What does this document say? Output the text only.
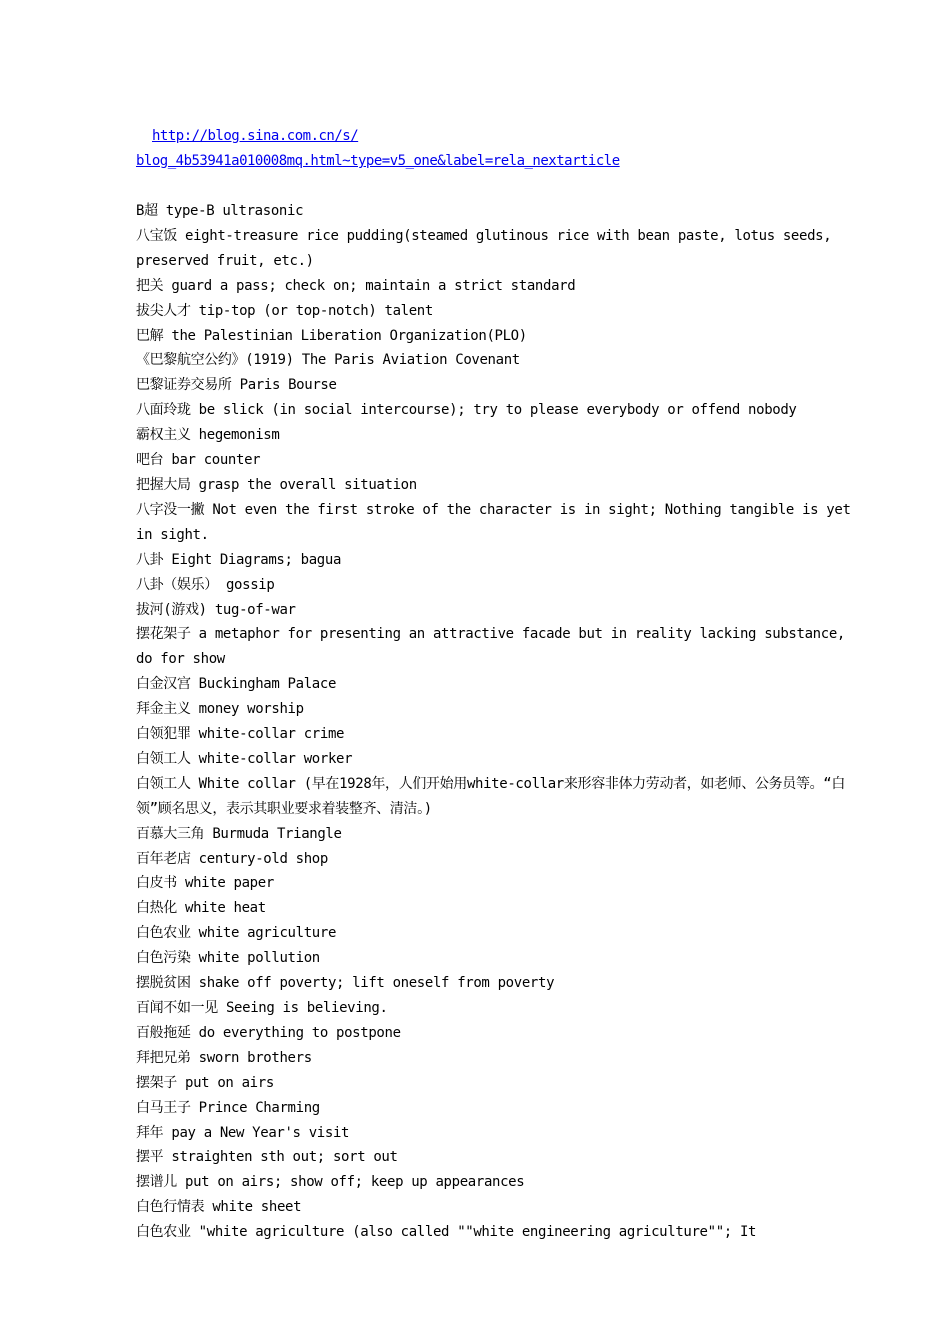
http://blog.sina.com.cn/s/
blog_4b53941a010008mq.html~type=v5_one&label=rela_nextarticle
B超 type-B ultrasonic
八宝饭 eight-treasure rice pudding(steamed glutinous rice with bean paste, lotus seeds, preserved fruit, etc.)
把关 guard a pass; check on; maintain a strict standard
拔尖人才 tip-top (or top-notch) talent
巴解 the Palestinian Liberation Organization(PLO)
《巴黎航空公约》(1919) The Paris Aviation Covenant
巴黎证券交易所 Paris Bourse
八面玲珑 be slick (in social intercourse); try to please everybody or offend nobody
霸权主义 hegemonism
吧台 bar counter
把握大局 grasp the overall situation
八字没一撇 Not even the first stroke of the character is in sight; Nothing tangible is yet in sight.
八卦 Eight Diagrams; bagua
八卦（娱乐） gossip
拔河(游戏) tug-of-war
摆花架子 a metaphor for presenting an attractive facade but in reality lacking substance, do for show
白金汉宫 Buckingham Palace
拜金主义 money worship
白领犯罪 white-collar crime
白领工人 white-collar worker
白领工人 White collar (早在1928年，人们开始用white-collar来形容非体力劳动者，如老师、公务员等。“白领”顾名思义，表示其职业要求着装整齐、清洁。)
百慕大三角 Burmuda Triangle
百年老店 century-old shop
白皮书 white paper
白热化 white heat
白色农业 white agriculture
白色污染 white pollution
摆脱贫困 shake off poverty; lift oneself from poverty
百闻不如一见 Seeing is believing.
百般拖延 do everything to postpone
拜把兄弟 sworn brothers
摆架子 put on airs
白马王子 Prince Charming
拜年 pay a New Year's visit
摆平 straighten sth out; sort out
摆谱儿 put on airs; show off; keep up appearances
白色行情表 white sheet
白色农业 "white agriculture (also called ""white engineering agriculture""; It
